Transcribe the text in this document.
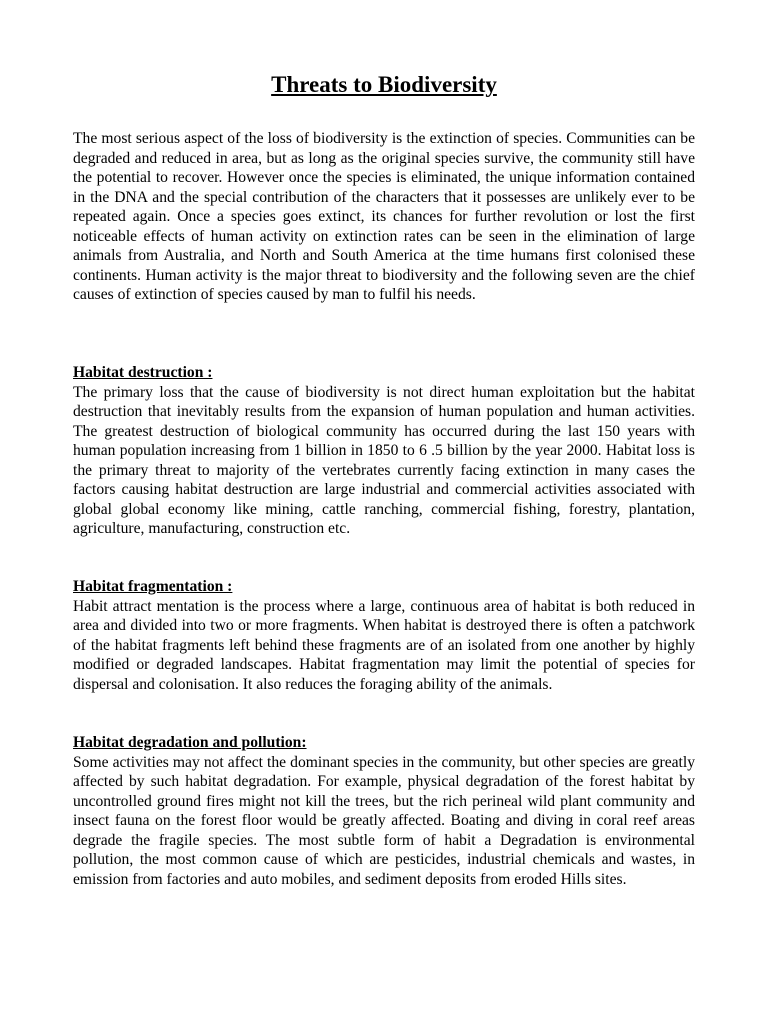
Threats to Biodiversity

The most serious aspect of the loss of biodiversity is the extinction of species. Communities can be degraded and reduced in area, but as long as the original species survive, the community still have the potential to recover. However once the species is eliminated, the unique information contained in the DNA and the special contribution of the characters that it possesses are unlikely ever to be repeated again. Once a species goes extinct, its chances for further revolution or lost the first noticeable effects of human activity on extinction rates can be seen in the elimination of large animals from Australia, and North and South America at the time humans first colonised these continents. Human activity is the major threat to biodiversity and the following seven are the chief causes of extinction of species caused by man to fulfil his needs.

Habitat destruction :

The primary loss that the cause of biodiversity is not direct human exploitation but the habitat destruction that inevitably results from the expansion of human population and human activities. The greatest destruction of biological community has occurred during the last 150 years with human population increasing from 1 billion in 1850 to 6 .5 billion by the year 2000. Habitat loss is the primary threat to majority of the vertebrates currently facing extinction in many cases the factors causing habitat destruction are large industrial and commercial activities associated with global global economy like mining, cattle ranching, commercial fishing, forestry, plantation, agriculture, manufacturing, construction etc.

Habitat fragmentation :

Habit attract mentation is the process where a large, continuous area of habitat is both reduced in area and divided into two or more fragments. When habitat is destroyed there is often a patchwork of the habitat fragments left behind these fragments are of an isolated from one another by highly modified or degraded landscapes. Habitat fragmentation may limit the potential of species for dispersal and colonisation. It also reduces the foraging ability of the animals.

Habitat degradation and pollution:

Some activities may not affect the dominant species in the community, but other species are greatly affected by such habitat degradation. For example, physical degradation of the forest habitat by uncontrolled ground fires might not kill the trees, but the rich perineal wild plant community and insect fauna on the forest floor would be greatly affected. Boating and diving in coral reef areas degrade the fragile species. The most subtle form of habit a Degradation is environmental pollution, the most common cause of which are pesticides, industrial chemicals and wastes, in emission from factories and auto mobiles, and sediment deposits from eroded Hills sites.
